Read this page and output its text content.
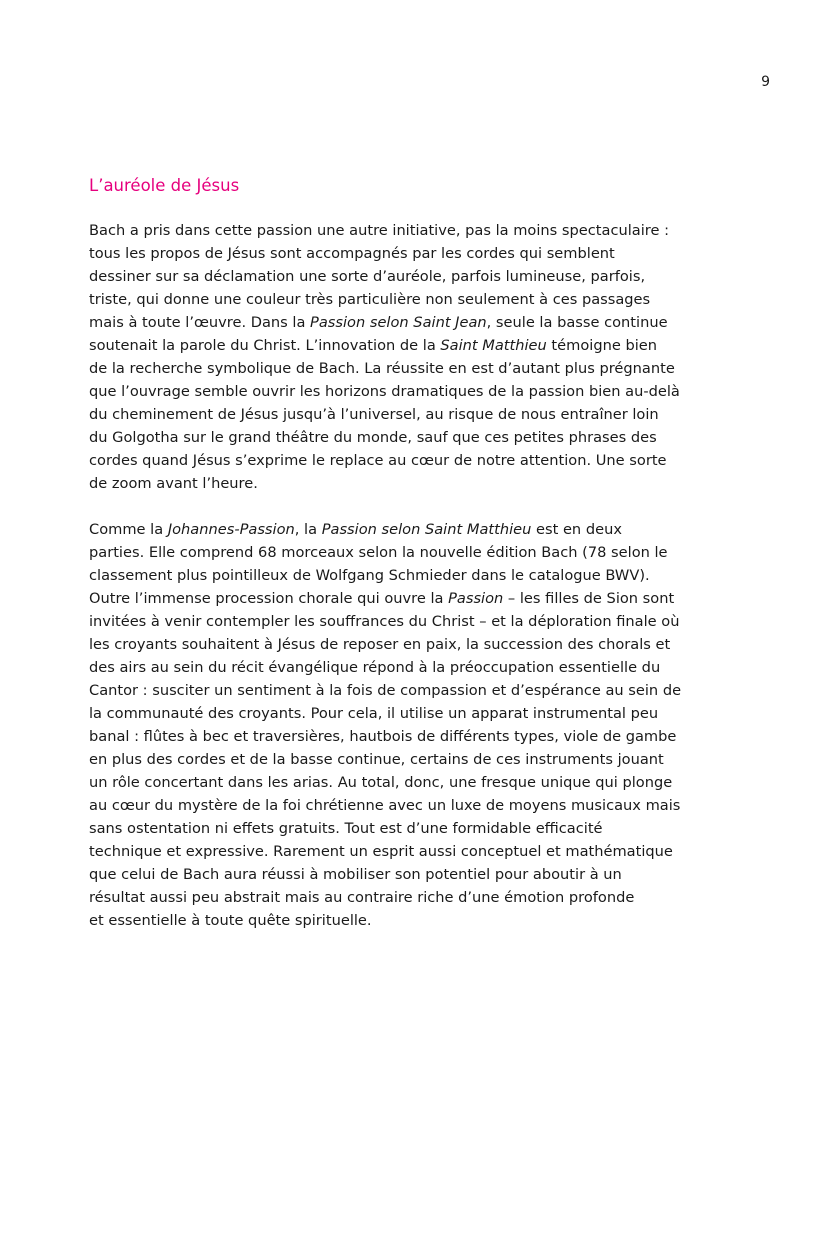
9
L’auréole de Jésus

Bach a pris dans cette passion une autre initiative, pas la moins spectaculaire :

tous les propos de Jésus sont accompagnés par les cordes qui semblent

dessiner sur sa déclamation une sorte d’auréole, parfois lumineuse, parfois,

triste, qui donne une couleur très particulière non seulement à ces passages

mais à toute l’œuvre. Dans la Passion selon Saint Jean, seule la basse continue

soutenait la parole du Christ. L’innovation de la Saint Matthieu témoigne bien

de la recherche symbolique de Bach. La réussite en est d’autant plus prégnante

que l’ouvrage semble ouvrir les horizons dramatiques de la passion bien au-delà

du cheminement de Jésus jusqu’à l’universel, au risque de nous entraîner loin

du Golgotha sur le grand théâtre du monde, sauf que ces petites phrases des

cordes quand Jésus s’exprime le replace au cœur de notre attention. Une sorte

de zoom avant l’heure.

Comme la Johannes-Passion, la Passion selon Saint Matthieu est en deux

parties. Elle comprend 68 morceaux selon la nouvelle édition Bach (78 selon le

classement plus pointilleux de Wolfgang Schmieder dans le catalogue BWV).

Outre l’immense procession chorale qui ouvre la Passion – les filles de Sion sont

invitées à venir contempler les souffrances du Christ – et la déploration finale où

les croyants souhaitent à Jésus de reposer en paix, la succession des chorals et

des airs au sein du récit évangélique répond à la préoccupation essentielle du

Cantor : susciter un sentiment à la fois de compassion et d’espérance au sein de

la communauté des croyants. Pour cela, il utilise un apparat instrumental peu

banal : flûtes à bec et traversières, hautbois de différents types, viole de gambe

en plus des cordes et de la basse continue, certains de ces instruments jouant

un rôle concertant dans les arias. Au total, donc, une fresque unique qui plonge

au cœur du mystère de la foi chrétienne avec un luxe de moyens musicaux mais

sans ostentation ni effets gratuits. Tout est d’une formidable efficacité

technique et expressive. Rarement un esprit aussi conceptuel et mathématique

que celui de Bach aura réussi à mobiliser son potentiel pour aboutir à un

résultat aussi peu abstrait mais au contraire riche d’une émotion profonde

et essentielle à toute quête spirituelle.
